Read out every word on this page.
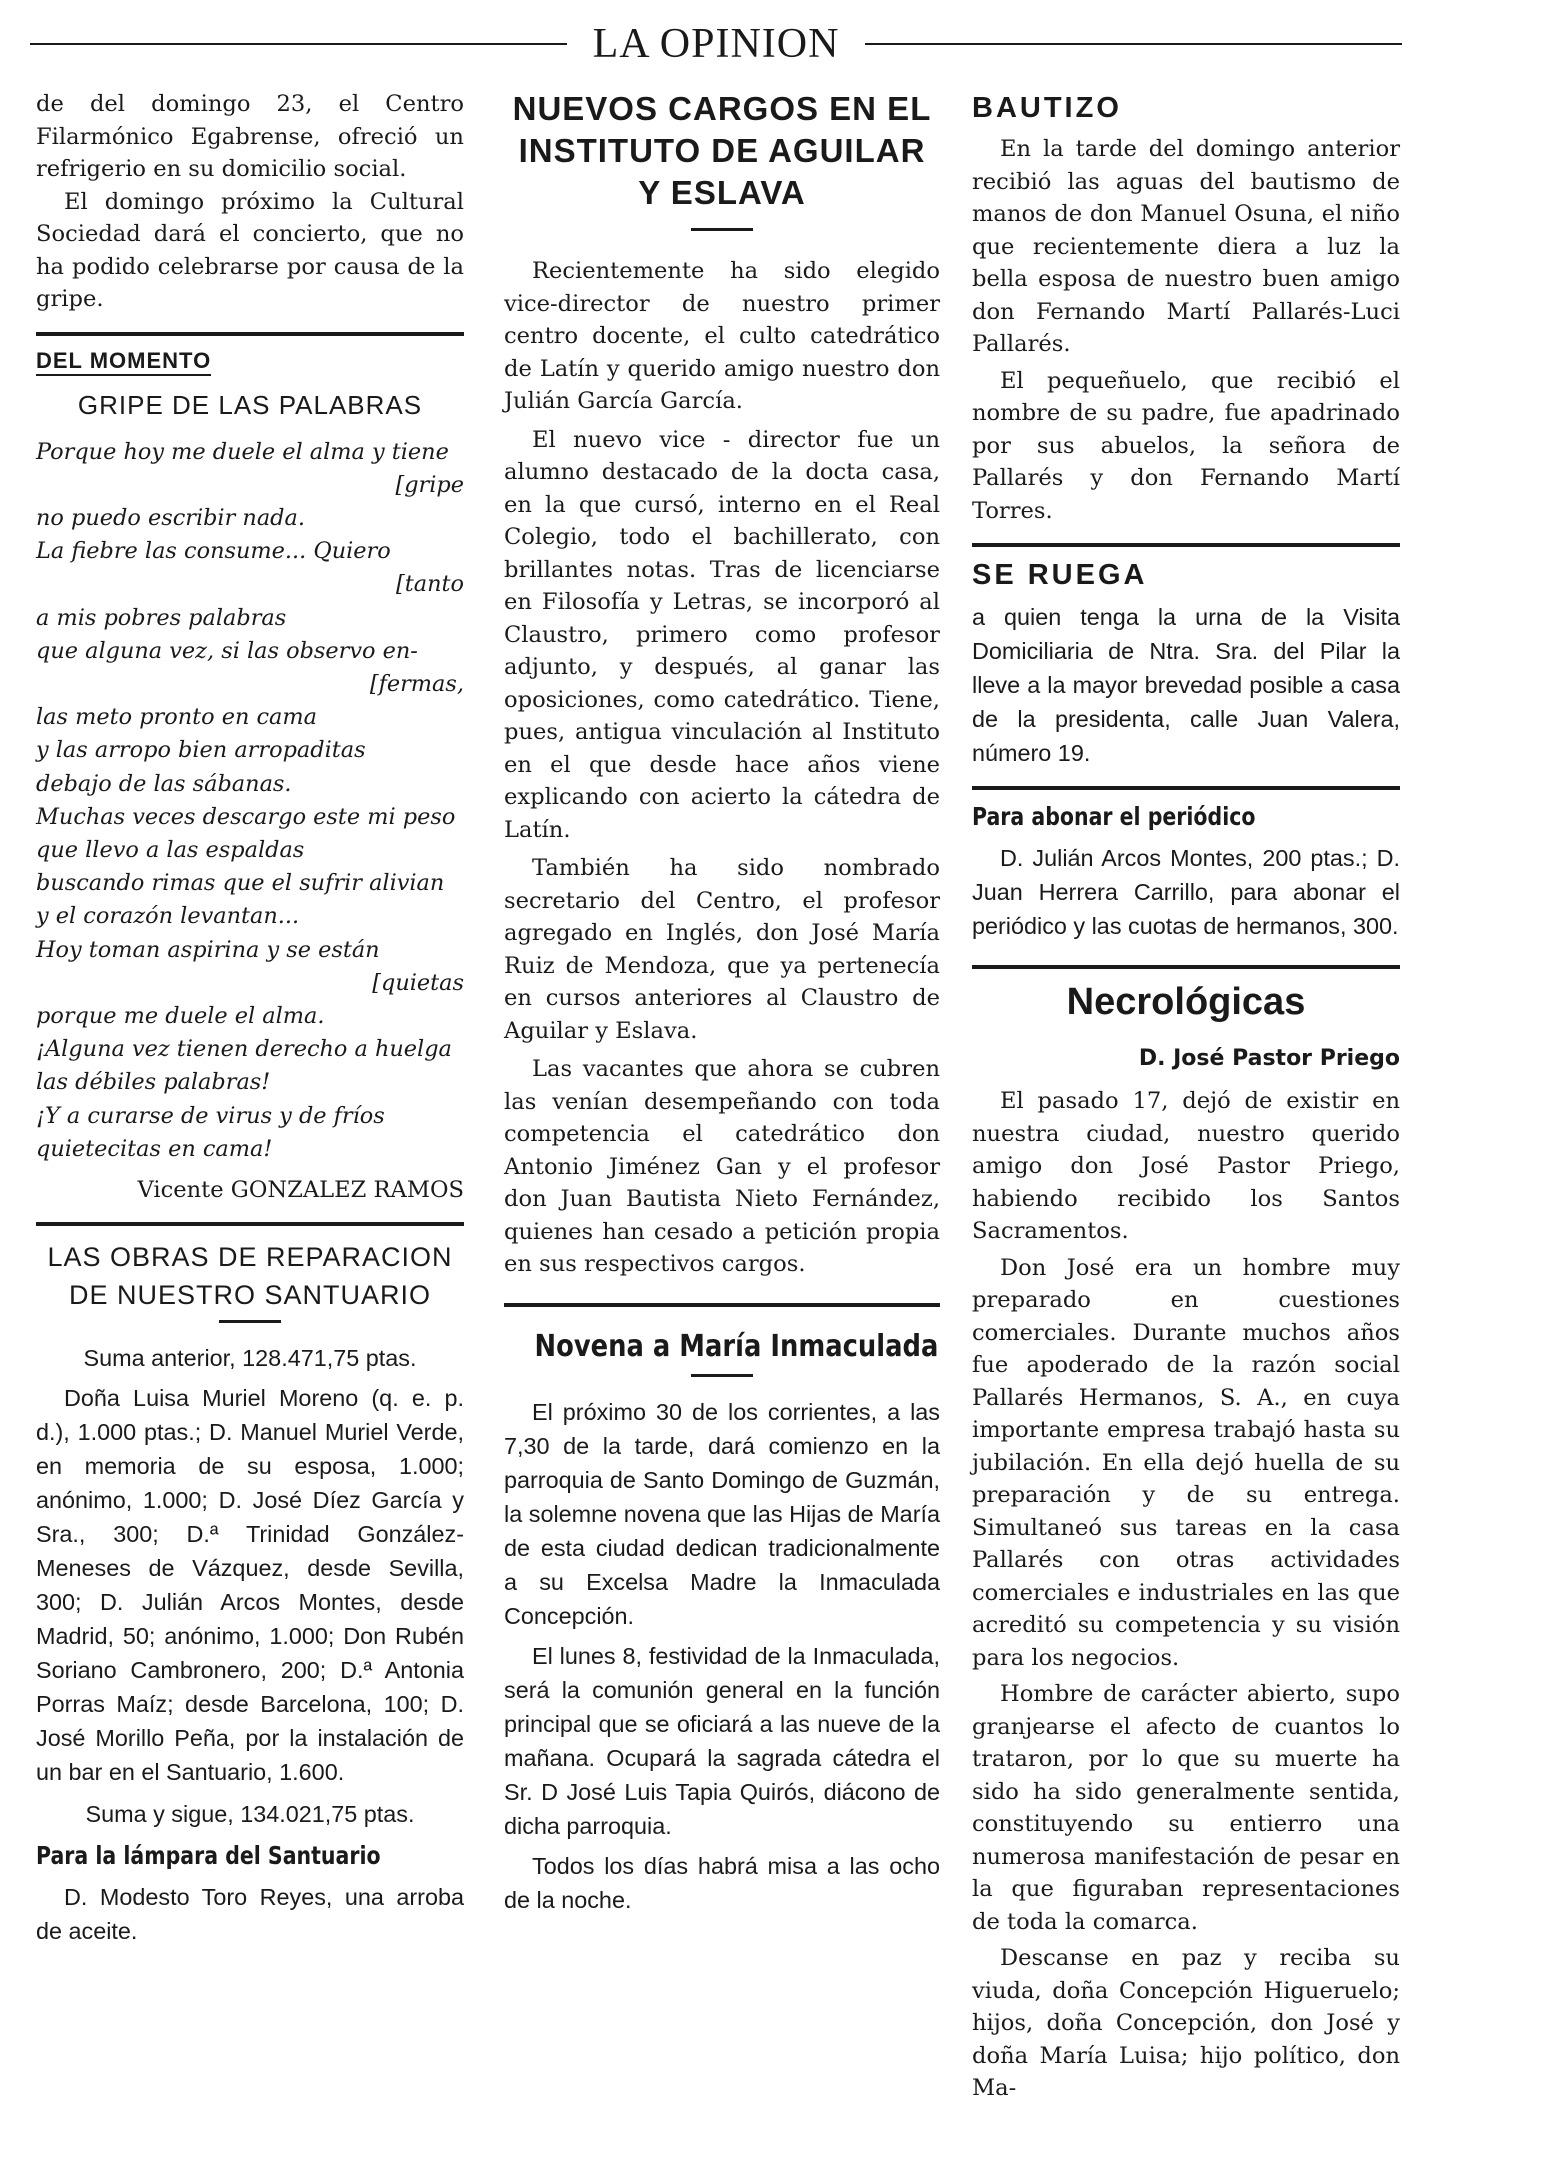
LA OPINION

de del domingo 23, el Centro Filarmónico Egabrense, ofreció un refrigerio en su domicilio social.

El domingo próximo la Cultural Sociedad dará el concierto, que no ha podido celebrarse por causa de la gripe.

DEL MOMENTO
GRIPE DE LAS PALABRAS

Porque hoy me duele el alma y tiene

[gripe

no puedo escribir nada.

La fiebre las consume... Quiero

[tanto

a mis pobres palabras

que alguna vez, si las observo en-

[fermas,

las meto pronto en cama

y las arropo bien arropaditas

debajo de las sábanas.

Muchas veces descargo este mi peso

que llevo a las espaldas

buscando rimas que el sufrir alivian

y el corazón levantan...

Hoy toman aspirina y se están

[quietas

porque me duele el alma.

¡Alguna vez tienen derecho a huelga

las débiles palabras!

¡Y a curarse de virus y de fríos

quietecitas en cama!

Vicente GONZALEZ RAMOS

LAS OBRAS DE REPARACION DE NUESTRO SANTUARIO

Suma anterior, 128.471,75 ptas.

Doña Luisa Muriel Moreno (q. e. p. d.), 1.000 ptas.; D. Manuel Muriel Verde, en memoria de su esposa, 1.000; anónimo, 1.000; D. José Díez García y Sra., 300; D.ª Trinidad González-Meneses de Vázquez, desde Sevilla, 300; D. Julián Arcos Montes, desde Madrid, 50; anónimo, 1.000; Don Rubén Soriano Cambronero, 200; D.ª Antonia Porras Maíz; desde Barcelona, 100; D. José Morillo Peña, por la instalación de un bar en el Santuario, 1.600.

Suma y sigue, 134.021,75 ptas.

Para la lámpara del Santuario

D. Modesto Toro Reyes, una arroba de aceite.

NUEVOS CARGOS EN EL INSTITUTO DE AGUILAR Y ESLAVA

Recientemente ha sido elegido vice-director de nuestro primer centro docente, el culto catedrático de Latín y querido amigo nuestro don Julián García García.

El nuevo vice - director fue un alumno destacado de la docta casa, en la que cursó, interno en el Real Colegio, todo el bachillerato, con brillantes notas. Tras de licenciarse en Filosofía y Letras, se incorporó al Claustro, primero como profesor adjunto, y después, al ganar las oposiciones, como catedrático. Tiene, pues, antigua vinculación al Instituto en el que desde hace años viene explicando con acierto la cátedra de Latín.

También ha sido nombrado secretario del Centro, el profesor agregado en Inglés, don José María Ruiz de Mendoza, que ya pertenecía en cursos anteriores al Claustro de Aguilar y Eslava.

Las vacantes que ahora se cubren las venían desempeñando con toda competencia el catedrático don Antonio Jiménez Gan y el profesor don Juan Bautista Nieto Fernández, quienes han cesado a petición propia en sus respectivos cargos.

Novena a María Inmaculada

El próximo 30 de los corrientes, a las 7,30 de la tarde, dará comienzo en la parroquia de Santo Domingo de Guzmán, la solemne novena que las Hijas de María de esta ciudad dedican tradicionalmente a su Excelsa Madre la Inmaculada Concepción.

El lunes 8, festividad de la Inmaculada, será la comunión general en la función principal que se oficiará a las nueve de la mañana. Ocupará la sagrada cátedra el Sr. D José Luis Tapia Quirós, diácono de dicha parroquia.

Todos los días habrá misa a las ocho de la noche.

BAUTIZO

En la tarde del domingo anterior recibió las aguas del bautismo de manos de don Manuel Osuna, el niño que recientemente diera a luz la bella esposa de nuestro buen amigo don Fernando Martí Pallarés-Luci Pallarés.

El pequeñuelo, que recibió el nombre de su padre, fue apadrinado por sus abuelos, la señora de Pallarés y don Fernando Martí Torres.

SE RUEGA

a quien tenga la urna de la Visita Domiciliaria de Ntra. Sra. del Pilar la lleve a la mayor brevedad posible a casa de la presidenta, calle Juan Valera, número 19.

Para abonar el periódico

D. Julián Arcos Montes, 200 ptas.; D. Juan Herrera Carrillo, para abonar el periódico y las cuotas de hermanos, 300.

Necrológicas
D. José Pastor Priego

El pasado 17, dejó de existir en nuestra ciudad, nuestro querido amigo don José Pastor Priego, habiendo recibido los Santos Sacramentos.

Don José era un hombre muy preparado en cuestiones comerciales. Durante muchos años fue apoderado de la razón social Pallarés Hermanos, S. A., en cuya importante empresa trabajó hasta su jubilación. En ella dejó huella de su preparación y de su entrega. Simultaneó sus tareas en la casa Pallarés con otras actividades comerciales e industriales en las que acreditó su competencia y su visión para los negocios.

Hombre de carácter abierto, supo granjearse el afecto de cuantos lo trataron, por lo que su muerte ha sido ha sido generalmente sentida, constituyendo su entierro una numerosa manifestación de pesar en la que figuraban representaciones de toda la comarca.

Descanse en paz y reciba su viuda, doña Concepción Higueruelo; hijos, doña Concepción, don José y doña María Luisa; hijo político, don Ma-
